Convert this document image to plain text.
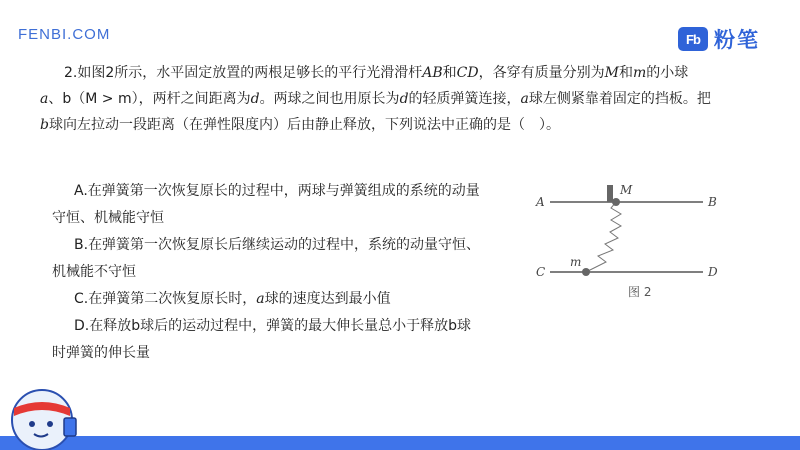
FENBI.COM	Fb 粉笔
2.如图2所示，水平固定放置的两根足够长的平行光滑滑杆AB和CD，各穿有质量分别为M和m的小球
a、b（M > m），两杆之间距离为d。两球之间也用原长为d的轻质弹簧连接，a球左侧紧靠着固定的挡板。把
b球向左拉动一段距离（在弹性限度内）后由静止释放，下列说法中正确的是（　）。

A.在弹簧第一次恢复原长的过程中，两球与弹簧组成的系统的动量守恒、机械能守恒

B.在弹簧第一次恢复原长后继续运动的过程中，系统的动量守恒、机械能不守恒

C.在弹簧第二次恢复原长时，a球的速度达到最小值

D.在释放b球后的运动过程中，弹簧的最大伸长量总小于释放b球时弹簧的伸长量

A	B
C	D
M
m
图 2
